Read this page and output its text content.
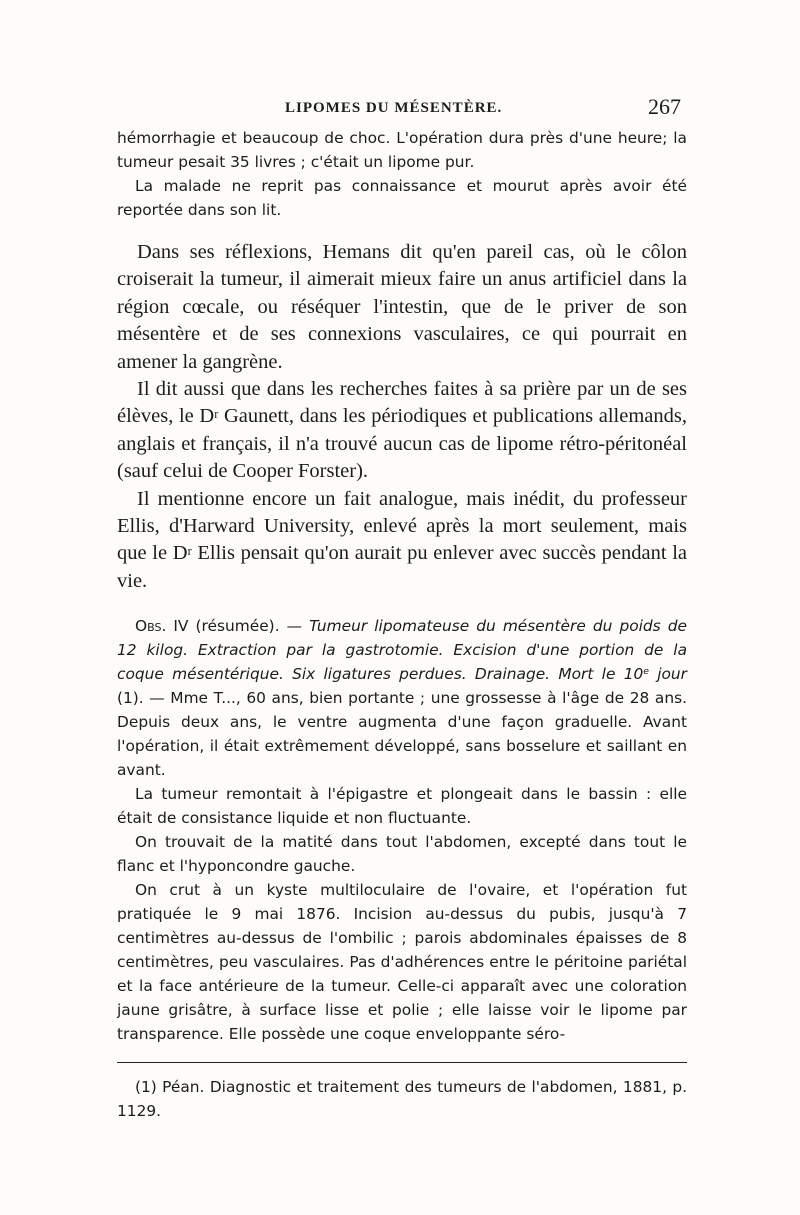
LIPOMES DU MÉSENTÈRE.	267

hémorrhagie et beaucoup de choc. L'opération dura près d'une heure; la tumeur pesait 35 livres ; c'était un lipome pur.

La malade ne reprit pas connaissance et mourut après avoir été reportée dans son lit.

Dans ses réflexions, Hemans dit qu'en pareil cas, où le côlon croiserait la tumeur, il aimerait mieux faire un anus artificiel dans la région cœcale, ou réséquer l'intestin, que de le priver de son mésentère et de ses connexions vasculaires, ce qui pourrait en amener la gangrène.

Il dit aussi que dans les recherches faites à sa prière par un de ses élèves, le $D^r$ Gaunett, dans les périodiques et publications allemands, anglais et français, il n'a trouvé aucun cas de lipome rétro-péritonéal (sauf celui de Cooper Forster).

Il mentionne encore un fait analogue, mais inédit, du professeur Ellis, d'Harward University, enlevé après la mort seulement, mais que le $D^r$ Ellis pensait qu'on aurait pu enlever avec succès pendant la vie.

Obs. IV (résumée). — Tumeur lipomateuse du mésentère du poids de 12 kilog. Extraction par la gastrotomie. Excision d'une portion de la coque mésentérique. Six ligatures perdues. Drainage. Mort le 10e jour (1). — Mme T..., 60 ans, bien portante ; une grossesse à l'âge de 28 ans. Depuis deux ans, le ventre augmenta d'une façon graduelle. Avant l'opération, il était extrêmement développé, sans bosselure et saillant en avant.

La tumeur remontait à l'épigastre et plongeait dans le bassin : elle était de consistance liquide et non fluctuante.

On trouvait de la matité dans tout l'abdomen, excepté dans tout le flanc et l'hyponcondre gauche.

On crut à un kyste multiloculaire de l'ovaire, et l'opération fut pratiquée le 9 mai 1876. Incision au-dessus du pubis, jusqu'à 7 centimètres au-dessus de l'ombilic ; parois abdominales épaisses de 8 centimètres, peu vasculaires. Pas d'adhérences entre le péritoine pariétal et la face antérieure de la tumeur. Celle-ci apparaît avec une coloration jaune grisâtre, à surface lisse et polie ; elle laisse voir le lipome par transparence. Elle possède une coque enveloppante séro-

(1) Péan. Diagnostic et traitement des tumeurs de l'abdomen, 1881, p. 1129.
